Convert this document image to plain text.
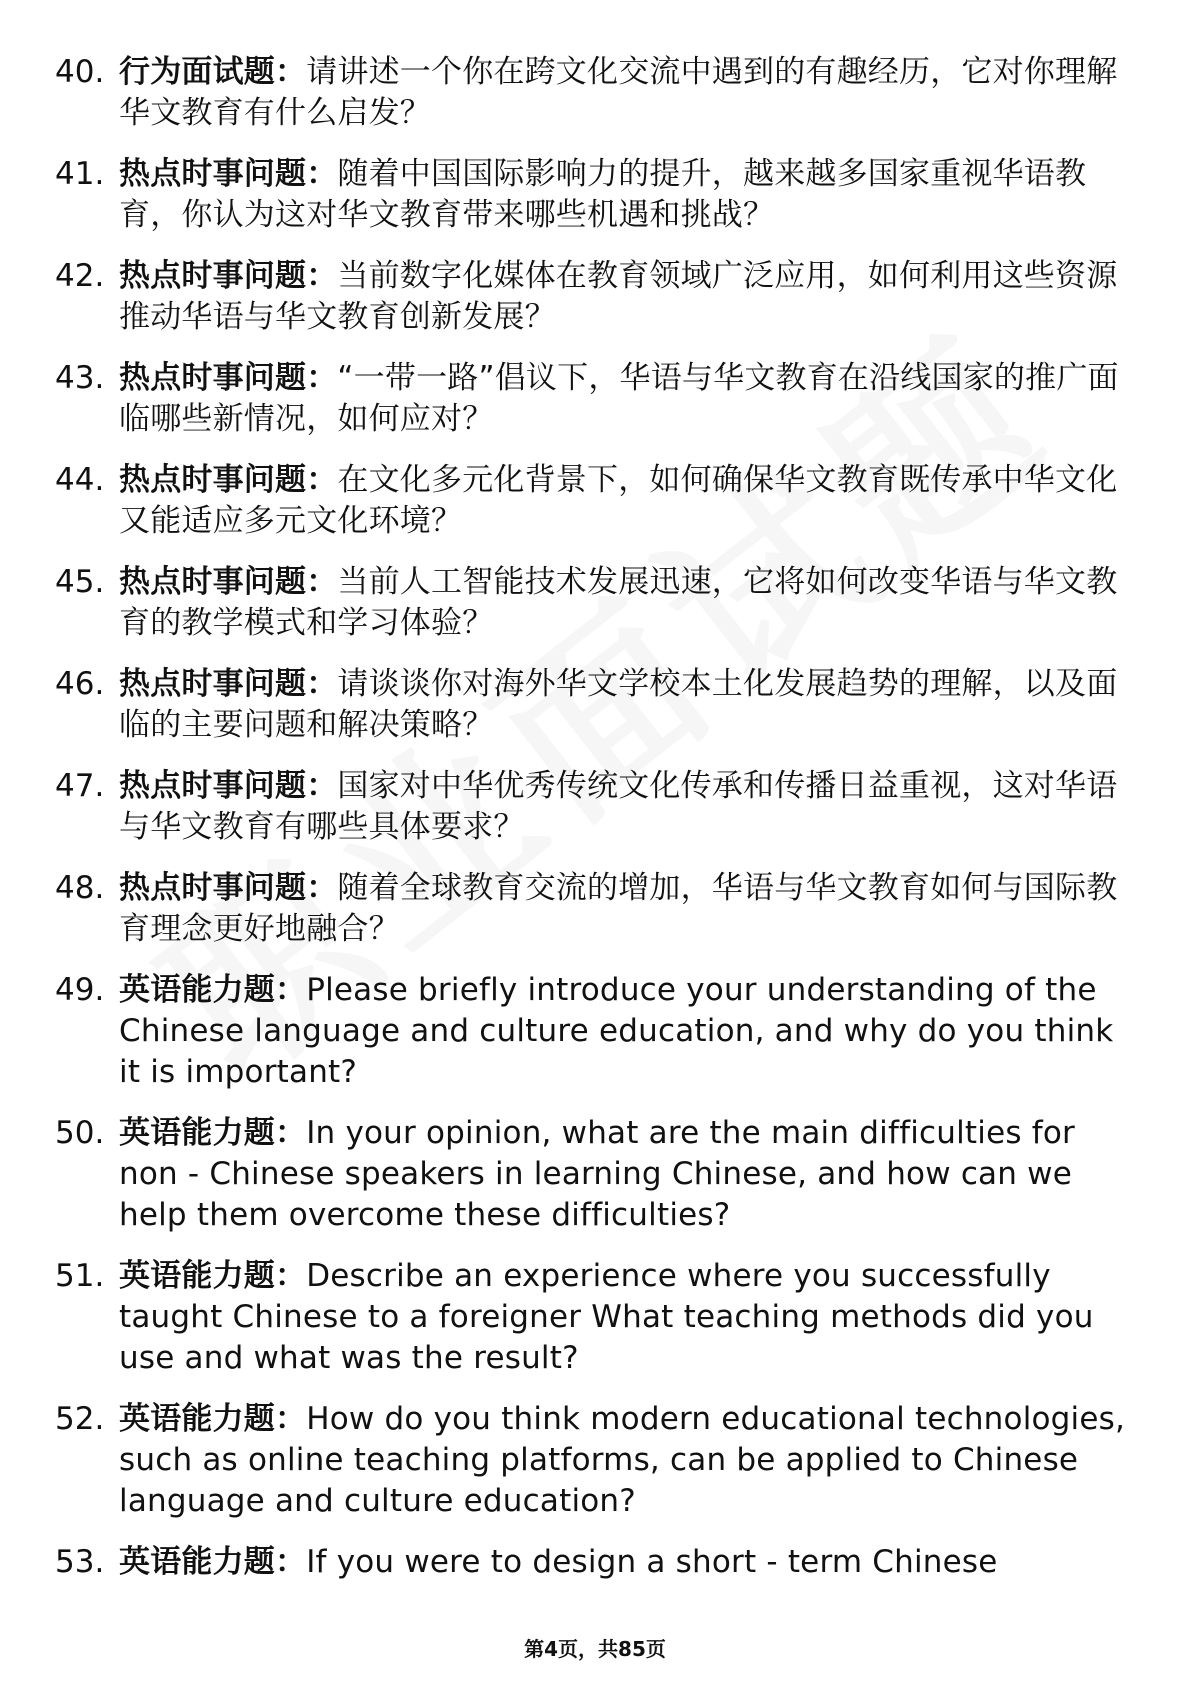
40. 行为面试题：请讲述一个你在跨文化交流中遇到的有趣经历，它对你理解华文教育有什么启发？
41. 热点时事问题：随着中国国际影响力的提升，越来越多国家重视华语教育，你认为这对华文教育带来哪些机遇和挑战？
42. 热点时事问题：当前数字化媒体在教育领域广泛应用，如何利用这些资源推动华语与华文教育创新发展？
43. 热点时事问题：“一带一路”倡议下，华语与华文教育在沿线国家的推广面临哪些新情况，如何应对？
44. 热点时事问题：在文化多元化背景下，如何确保华文教育既传承中华文化又能适应多元文化环境？
45. 热点时事问题：当前人工智能技术发展迅速，它将如何改变华语与华文教育的教学模式和学习体验？
46. 热点时事问题：请谈谈你对海外华文学校本土化发展趋势的理解，以及面临的主要问题和解决策略？
47. 热点时事问题：国家对中华优秀传统文化传承和传播日益重视，这对华语与华文教育有哪些具体要求？
48. 热点时事问题：随着全球教育交流的增加，华语与华文教育如何与国际教育理念更好地融合？
49. 英语能力题：Please briefly introduce your understanding of the Chinese language and culture education, and why do you think it is important?
50. 英语能力题：In your opinion, what are the main difficulties for non - Chinese speakers in learning Chinese, and how can we help them overcome these difficulties?
51. 英语能力题：Describe an experience where you successfully taught Chinese to a foreigner What teaching methods did you use and what was the result?
52. 英语能力题：How do you think modern educational technologies, such as online teaching platforms, can be applied to Chinese language and culture education?
53. 英语能力题：If you were to design a short - term Chinese
第4页，共85页
